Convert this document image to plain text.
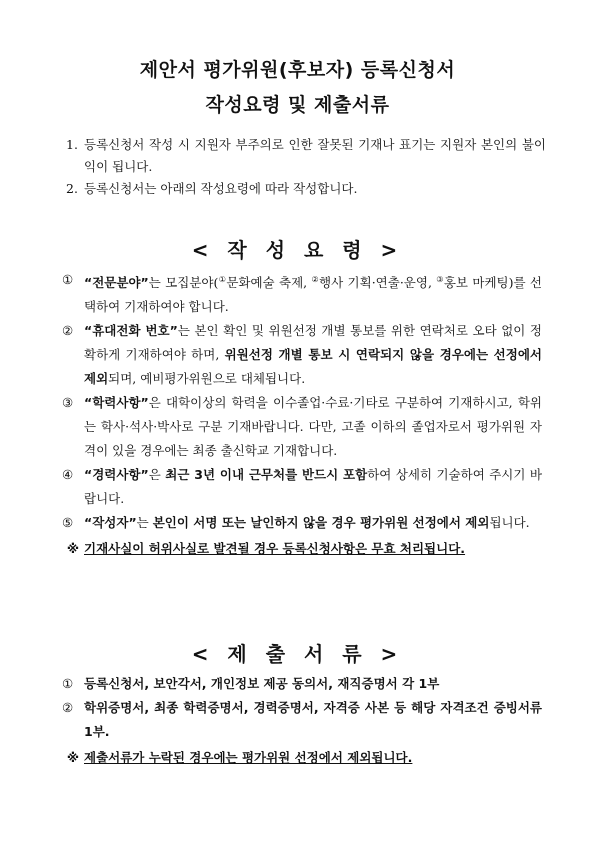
제안서 평가위원(후보자) 등록신청서
작성요령 및 제출서류
1. 등록신청서 작성 시 지원자 부주의로 인한 잘못된 기재나 표기는 지원자 본인의 불이익이 됩니다.
2. 등록신청서는 아래의 작성요령에 따라 작성합니다.
< 작 성 요 령 >
① “전문분야”는 모집분야(①문화예술 축제, ②행사 기획·연출·운영, ③홍보 마케팅)를 선택하여 기재하여야 합니다.
② “휴대전화 번호”는 본인 확인 및 위원선정 개별 통보를 위한 연락처로 오타 없이 정확하게 기재하여야 하며, 위원선정 개별 통보 시 연락되지 않을 경우에는 선정에서 제외되며, 예비평가위원으로 대체됩니다.
③ “학력사항”은 대학이상의 학력을 이수졸업·수료·기타로 구분하여 기재하시고, 학위는 학사·석사·박사로 구분 기재바랍니다. 다만, 고졸 이하의 졸업자로서 평가위원 자격이 있을 경우에는 최종 출신학교 기재합니다.
④ “경력사항”은 최근 3년 이내 근무처를 반드시 포함하여 상세히 기술하여 주시기 바랍니다.
⑤ “작성자”는 본인이 서명 또는 날인하지 않을 경우 평가위원 선정에서 제외됩니다.
※ 기재사실이 허위사실로 발견될 경우 등록신청사항은 무효 처리됩니다.
< 제 출 서 류 >
① 등록신청서, 보안각서, 개인정보 제공 동의서, 재직증명서 각 1부
② 학위증명서, 최종 학력증명서, 경력증명서, 자격증 사본 등 해당 자격조건 증빙서류 1부.
※ 제출서류가 누락된 경우에는 평가위원 선정에서 제외됩니다.
